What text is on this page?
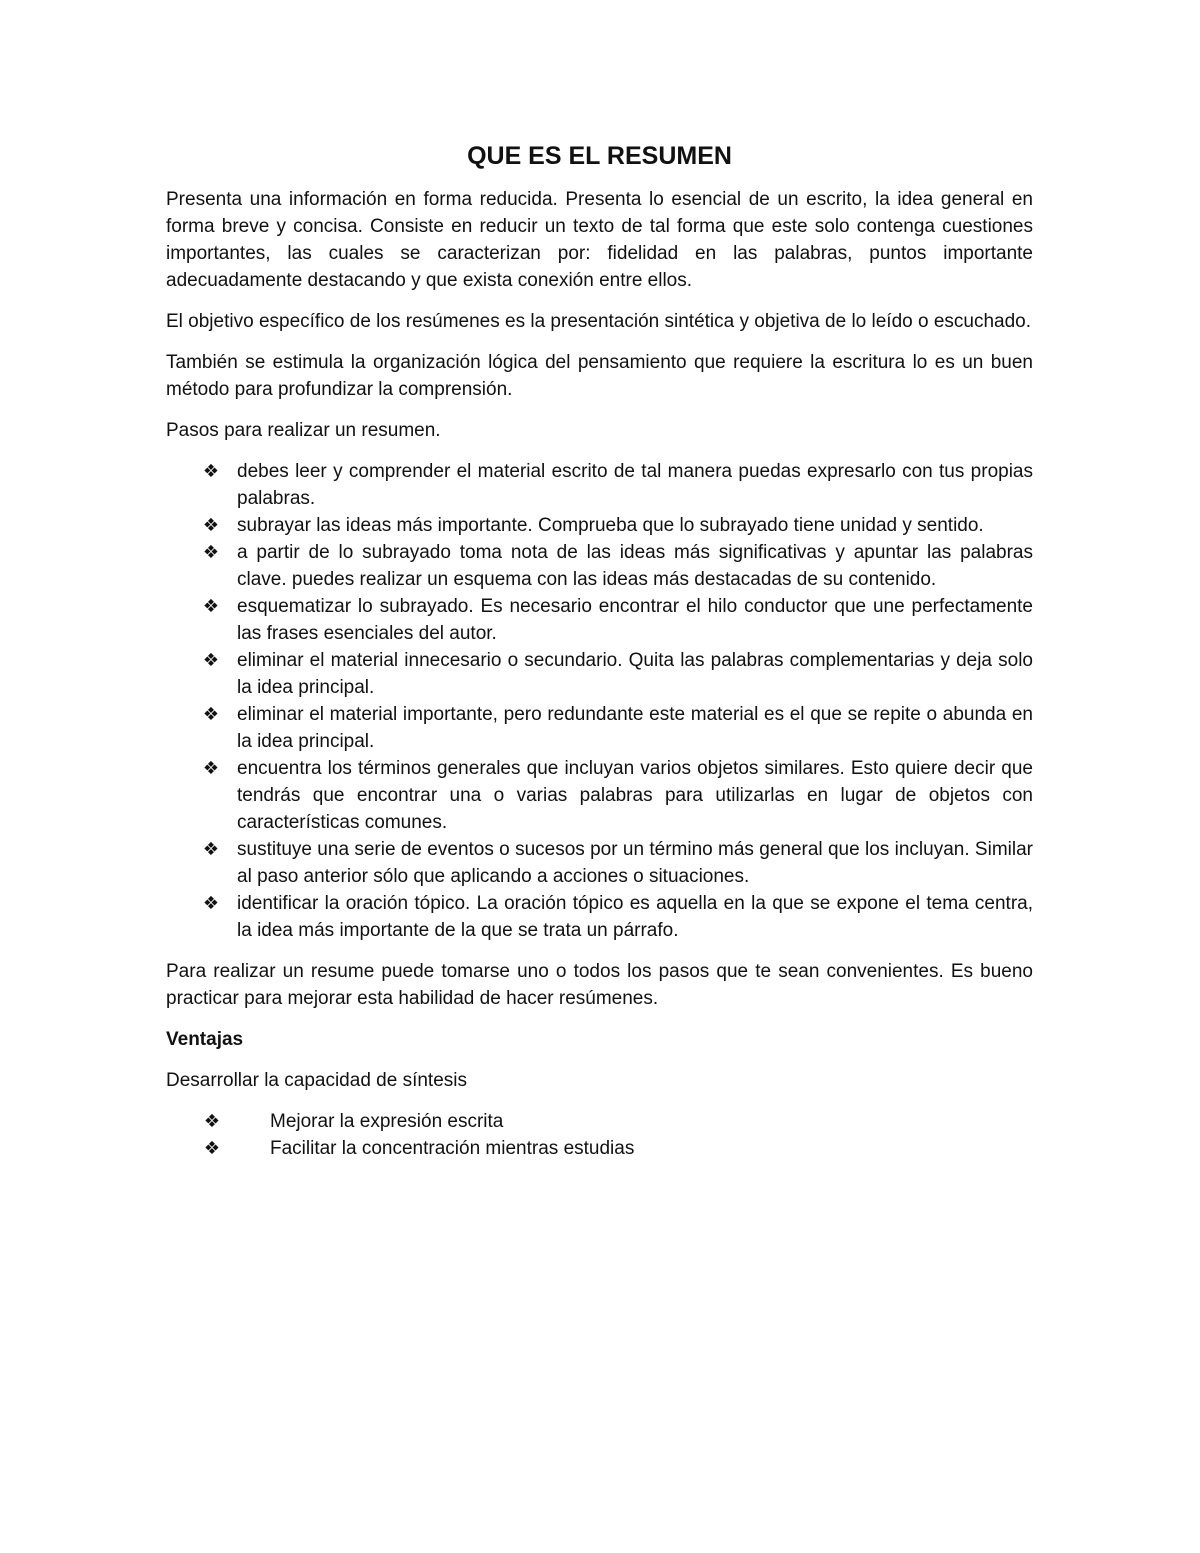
QUE ES EL RESUMEN

Presenta una información en forma reducida. Presenta lo esencial de un escrito, la idea general en forma breve y concisa. Consiste en reducir un texto de tal forma que este solo contenga cuestiones importantes, las cuales se caracterizan por: fidelidad en las palabras, puntos importante adecuadamente destacando y que exista conexión entre ellos.

El objetivo específico de los resúmenes es la presentación sintética y objetiva de lo leído o escuchado.

También se estimula la organización lógica del pensamiento que requiere la escritura lo es un buen método para profundizar la comprensión.

Pasos para realizar un resumen.

❖ debes leer y comprender el material escrito de tal manera puedas expresarlo con tus propias palabras.
❖ subrayar las ideas más importante. Comprueba que lo subrayado tiene unidad y sentido.
❖ a partir de lo subrayado toma nota de las ideas más significativas y apuntar las palabras clave. puedes realizar un esquema con las ideas más destacadas de su contenido.
❖ esquematizar lo subrayado. Es necesario encontrar el hilo conductor que une perfectamente las frases esenciales del autor.
❖ eliminar el material innecesario o secundario. Quita las palabras complementarias y deja solo la idea principal.
❖ eliminar el material importante, pero redundante este material es el que se repite o abunda en la idea principal.
❖ encuentra los términos generales que incluyan varios objetos similares. Esto quiere decir que tendrás que encontrar una o varias palabras para utilizarlas en lugar de objetos con características comunes.
❖ sustituye una serie de eventos o sucesos por un término más general que los incluyan. Similar al paso anterior sólo que aplicando a acciones o situaciones.
❖ identificar la oración tópico. La oración tópico es aquella en la que se expone el tema centra, la idea más importante de la que se trata un párrafo.

Para realizar un resume puede tomarse uno o todos los pasos que te sean convenientes. Es bueno practicar para mejorar esta habilidad de hacer resúmenes.

Ventajas

Desarrollar la capacidad de síntesis

❖	Mejorar la expresión escrita
❖	Facilitar la concentración mientras estudias
